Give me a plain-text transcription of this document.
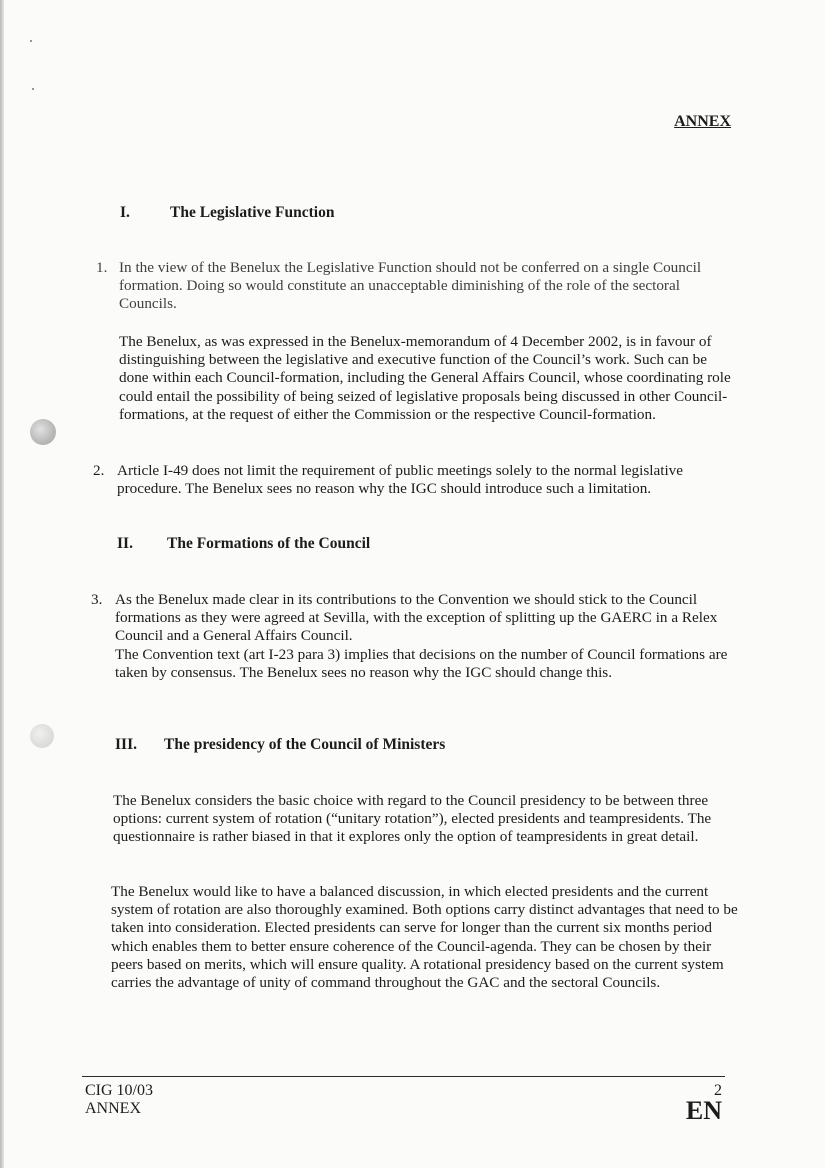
ANNEX
I.	The Legislative Function
1. In the view of the Benelux the Legislative Function should not be conferred on a single Council formation. Doing so would constitute an unacceptable diminishing of the role of the sectoral Councils.

The Benelux, as was expressed in the Benelux-memorandum of 4 December 2002, is in favour of distinguishing between the legislative and executive function of the Council’s work. Such can be done within each Council-formation, including the General Affairs Council, whose coordinating role could entail the possibility of being seized of legislative proposals being discussed in other Council-formations, at the request of either the Commission or the respective Council-formation.

2. Article I-49 does not limit the requirement of public meetings solely to the normal legislative procedure. The Benelux sees no reason why the IGC should introduce such a limitation.

II. The Formations of the Council
3. As the Benelux made clear in its contributions to the Convention we should stick to the Council formations as they were agreed at Sevilla, with the exception of splitting up the GAERC in a Relex Council and a General Affairs Council.
The Convention text (art I-23 para 3) implies that decisions on the number of Council formations are taken by consensus. The Benelux sees no reason why the IGC should change this.
III. The presidency of the Council of Ministers

The Benelux considers the basic choice with regard to the Council presidency to be between three options: current system of rotation (“unitary rotation”), elected presidents and teampresidents. The questionnaire is rather biased in that it explores only the option of teampresidents in great detail.

The Benelux would like to have a balanced discussion, in which elected presidents and the current system of rotation are also thoroughly examined. Both options carry distinct advantages that need to be taken into consideration. Elected presidents can serve for longer than the current six months period which enables them to better ensure coherence of the Council-agenda. They can be chosen by their peers based on merits, which will ensure quality. A rotational presidency based on the current system carries the advantage of unity of command throughout the GAC and the sectoral Councils.

CIG 10/03
ANNEX
2
EN
